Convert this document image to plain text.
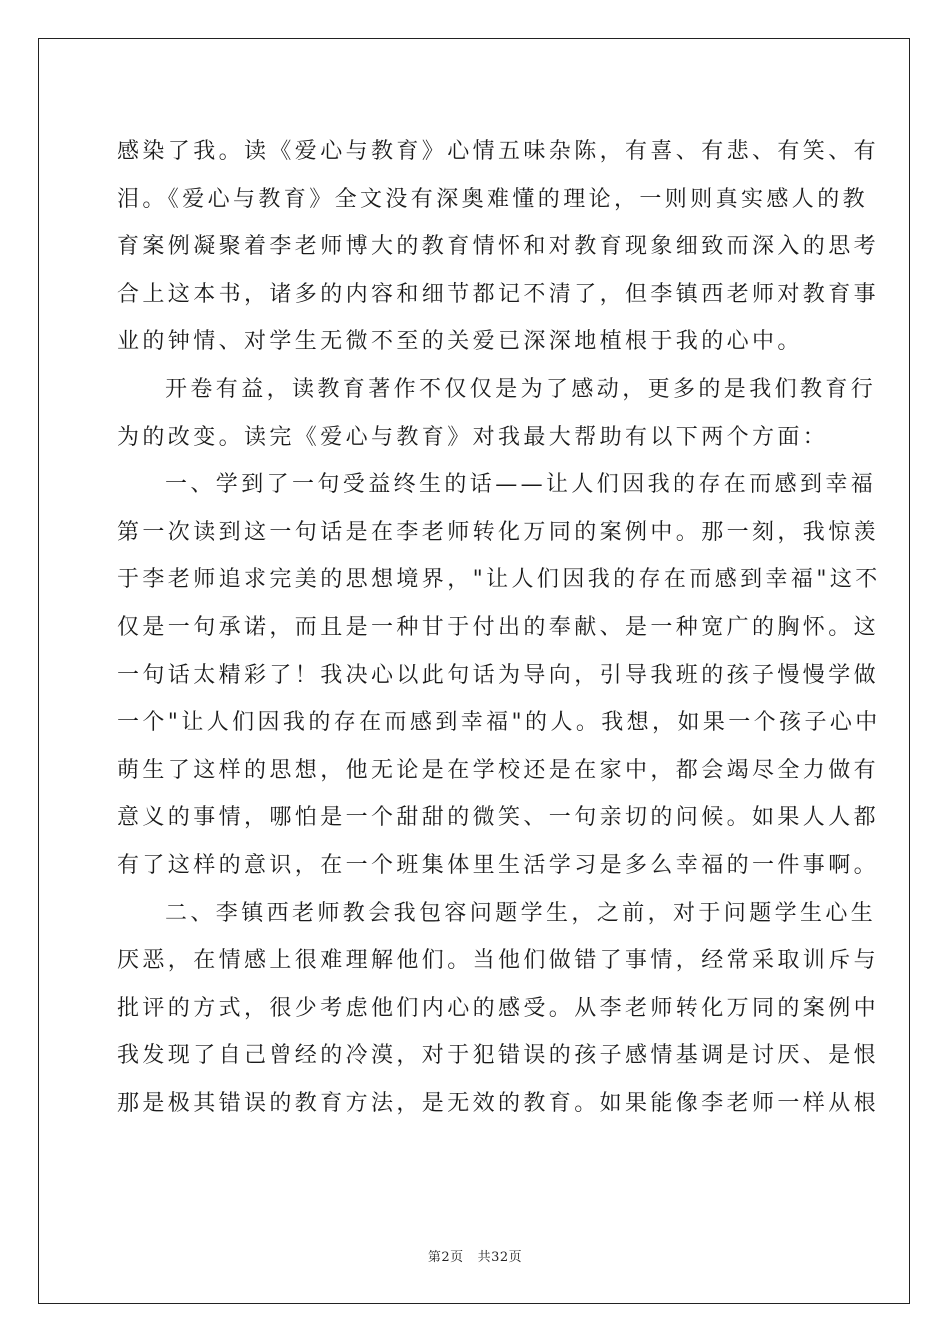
感染了我。读《爱心与教育》心情五味杂陈，有喜、有悲、有笑、有
泪。《爱心与教育》全文没有深奥难懂的理论，一则则真实感人的教
育案例凝聚着李老师博大的教育情怀和对教育现象细致而深入的思考
合上这本书，诸多的内容和细节都记不清了，但李镇西老师对教育事
业的钟情、对学生无微不至的关爱已深深地植根于我的心中。
开卷有益，读教育著作不仅仅是为了感动，更多的是我们教育行
为的改变。读完《爱心与教育》对我最大帮助有以下两个方面：
一、学到了一句受益终生的话——让人们因我的存在而感到幸福
第一次读到这一句话是在李老师转化万同的案例中。那一刻，我惊羡
于李老师追求完美的思想境界，"让人们因我的存在而感到幸福"这不
仅是一句承诺，而且是一种甘于付出的奉献、是一种宽广的胸怀。这
一句话太精彩了！我决心以此句话为导向，引导我班的孩子慢慢学做
一个"让人们因我的存在而感到幸福"的人。我想，如果一个孩子心中
萌生了这样的思想，他无论是在学校还是在家中，都会竭尽全力做有
意义的事情，哪怕是一个甜甜的微笑、一句亲切的问候。如果人人都
有了这样的意识，在一个班集体里生活学习是多么幸福的一件事啊。
二、李镇西老师教会我包容问题学生，之前，对于问题学生心生
厌恶，在情感上很难理解他们。当他们做错了事情，经常采取训斥与
批评的方式，很少考虑他们内心的感受。从李老师转化万同的案例中
我发现了自己曾经的冷漠，对于犯错误的孩子感情基调是讨厌、是恨
那是极其错误的教育方法，是无效的教育。如果能像李老师一样从根
第2页 共32页
